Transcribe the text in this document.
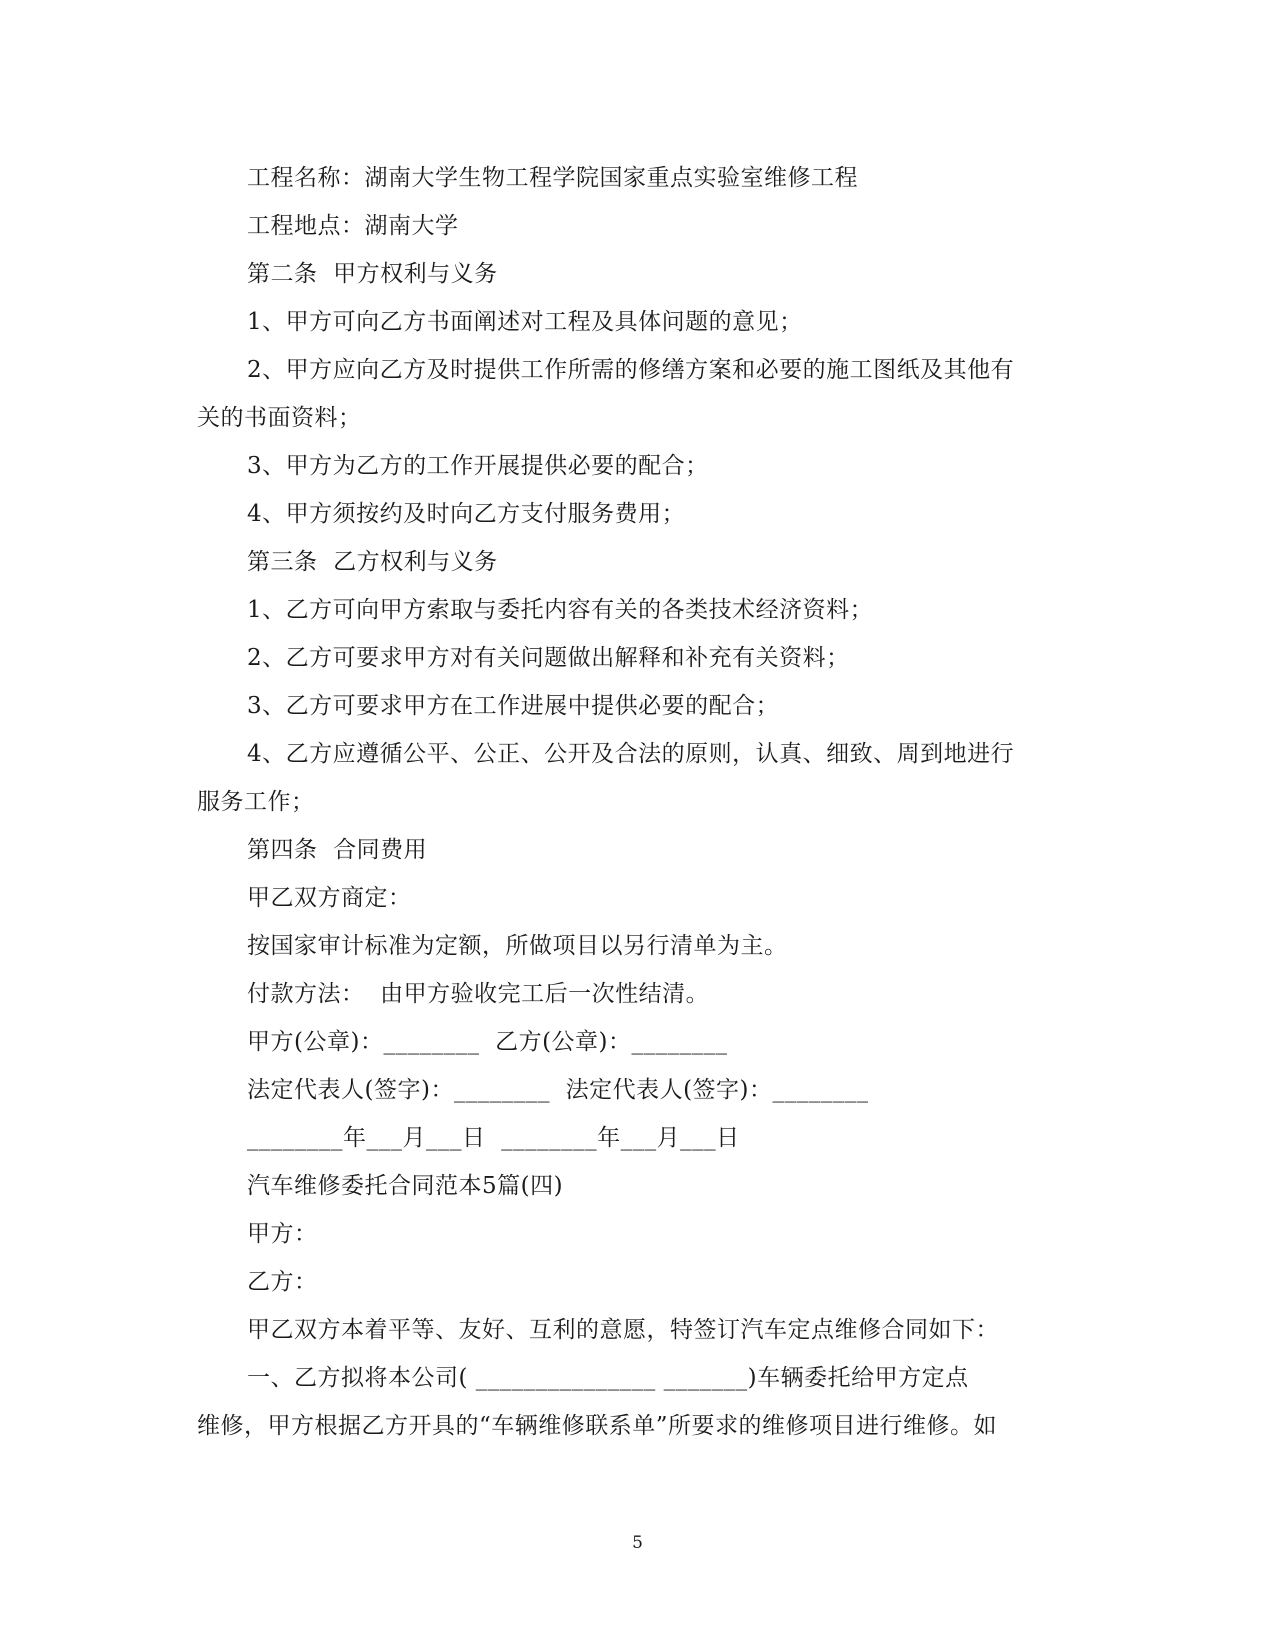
工程名称：湖南大学生物工程学院国家重点实验室维修工程
工程地点：湖南大学
第二条  甲方权利与义务
1、甲方可向乙方书面阐述对工程及具体问题的意见；
2、甲方应向乙方及时提供工作所需的修缮方案和必要的施工图纸及其他有
关的书面资料；
3、甲方为乙方的工作开展提供必要的配合；
4、甲方须按约及时向乙方支付服务费用；
第三条  乙方权利与义务
1、乙方可向甲方索取与委托内容有关的各类技术经济资料；
2、乙方可要求甲方对有关问题做出解释和补充有关资料；
3、乙方可要求甲方在工作进展中提供必要的配合；
4、乙方应遵循公平、公正、公开及合法的原则，认真、细致、周到地进行
服务工作；
第四条  合同费用
甲乙双方商定：
按国家审计标准为定额，所做项目以另行清单为主。
付款方法：  由甲方验收完工后一次性结清。
甲方(公章)：________  乙方(公章)：________
法定代表人(签字)：________  法定代表人(签字)：________
________年___月___日  ________年___月___日
汽车维修委托合同范本5篇(四)
甲方：
乙方：
甲乙双方本着平等、友好、互利的意愿，特签订汽车定点维修合同如下：
一、乙方拟将本公司( _______________ _______)车辆委托给甲方定点
维修，甲方根据乙方开具的“车辆维修联系单”所要求的维修项目进行维修。如
5
